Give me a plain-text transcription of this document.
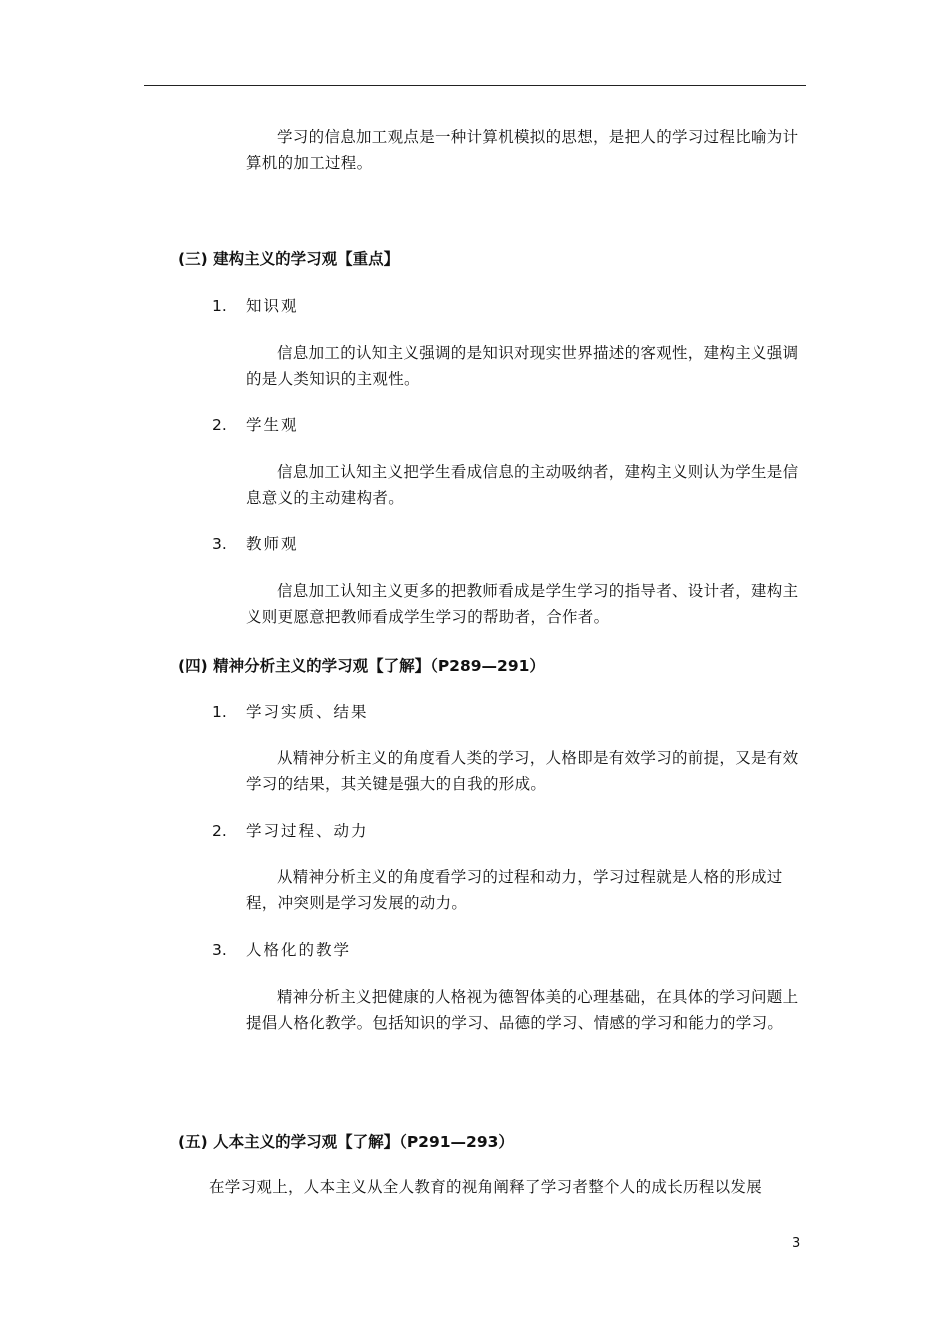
学习的信息加工观点是一种计算机模拟的思想，是把人的学习过程比喻为计算机的加工过程。

(三) 建构主义的学习观【重点】
1. 知识观

信息加工的认知主义强调的是知识对现实世界描述的客观性，建构主义强调的是人类知识的主观性。

2. 学生观

信息加工认知主义把学生看成信息的主动吸纳者，建构主义则认为学生是信息意义的主动建构者。

3. 教师观

信息加工认知主义更多的把教师看成是学生学习的指导者、设计者，建构主义则更愿意把教师看成学生学习的帮助者，合作者。

(四) 精神分析主义的学习观【了解】（P289—291）
1. 学习实质、结果

从精神分析主义的角度看人类的学习，人格即是有效学习的前提，又是有效学习的结果，其关键是强大的自我的形成。

2. 学习过程、动力

从精神分析主义的角度看学习的过程和动力，学习过程就是人格的形成过程，冲突则是学习发展的动力。

3. 人格化的教学

精神分析主义把健康的人格视为德智体美的心理基础，在具体的学习问题上提倡人格化教学。包括知识的学习、品德的学习、情感的学习和能力的学习。

(五) 人本主义的学习观【了解】（P291—293）

在学习观上，人本主义从全人教育的视角阐释了学习者整个人的成长历程以发展

3
